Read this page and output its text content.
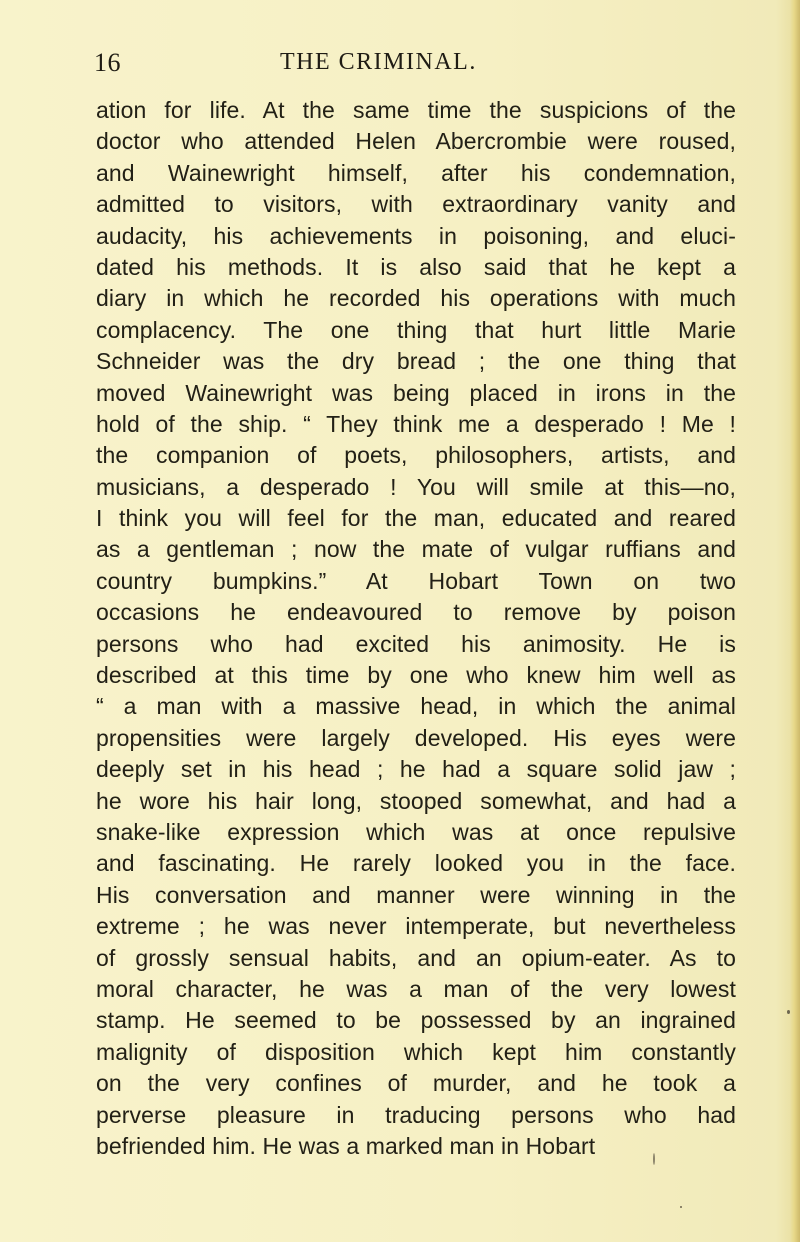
16	THE CRIMINAL.
ation for life. At the same time the suspicions of the
doctor who attended Helen Abercrombie were roused,
and Wainewright himself, after his condemnation,
admitted to visitors, with extraordinary vanity and
audacity, his achievements in poisoning, and eluci-
dated his methods. It is also said that he kept a
diary in which he recorded his operations with much
complacency. The one thing that hurt little Marie
Schneider was the dry bread ; the one thing that
moved Wainewright was being placed in irons in the
hold of the ship. “ They think me a desperado ! Me !
the companion of poets, philosophers, artists, and
musicians, a desperado ! You will smile at this—no,
I think you will feel for the man, educated and reared
as a gentleman ; now the mate of vulgar ruffians and
country bumpkins.” At Hobart Town on two
occasions he endeavoured to remove by poison
persons who had excited his animosity. He is
described at this time by one who knew him well as
“ a man with a massive head, in which the animal
propensities were largely developed. His eyes were
deeply set in his head ; he had a square solid jaw ;
he wore his hair long, stooped somewhat, and had a
snake-like expression which was at once repulsive
and fascinating. He rarely looked you in the face.
His conversation and manner were winning in the
extreme ; he was never intemperate, but nevertheless
of grossly sensual habits, and an opium-eater. As to
moral character, he was a man of the very lowest
stamp. He seemed to be possessed by an ingrained
malignity of disposition which kept him constantly
on the very confines of murder, and he took a
perverse pleasure in traducing persons who had
befriended him. He was a marked man in Hobart
